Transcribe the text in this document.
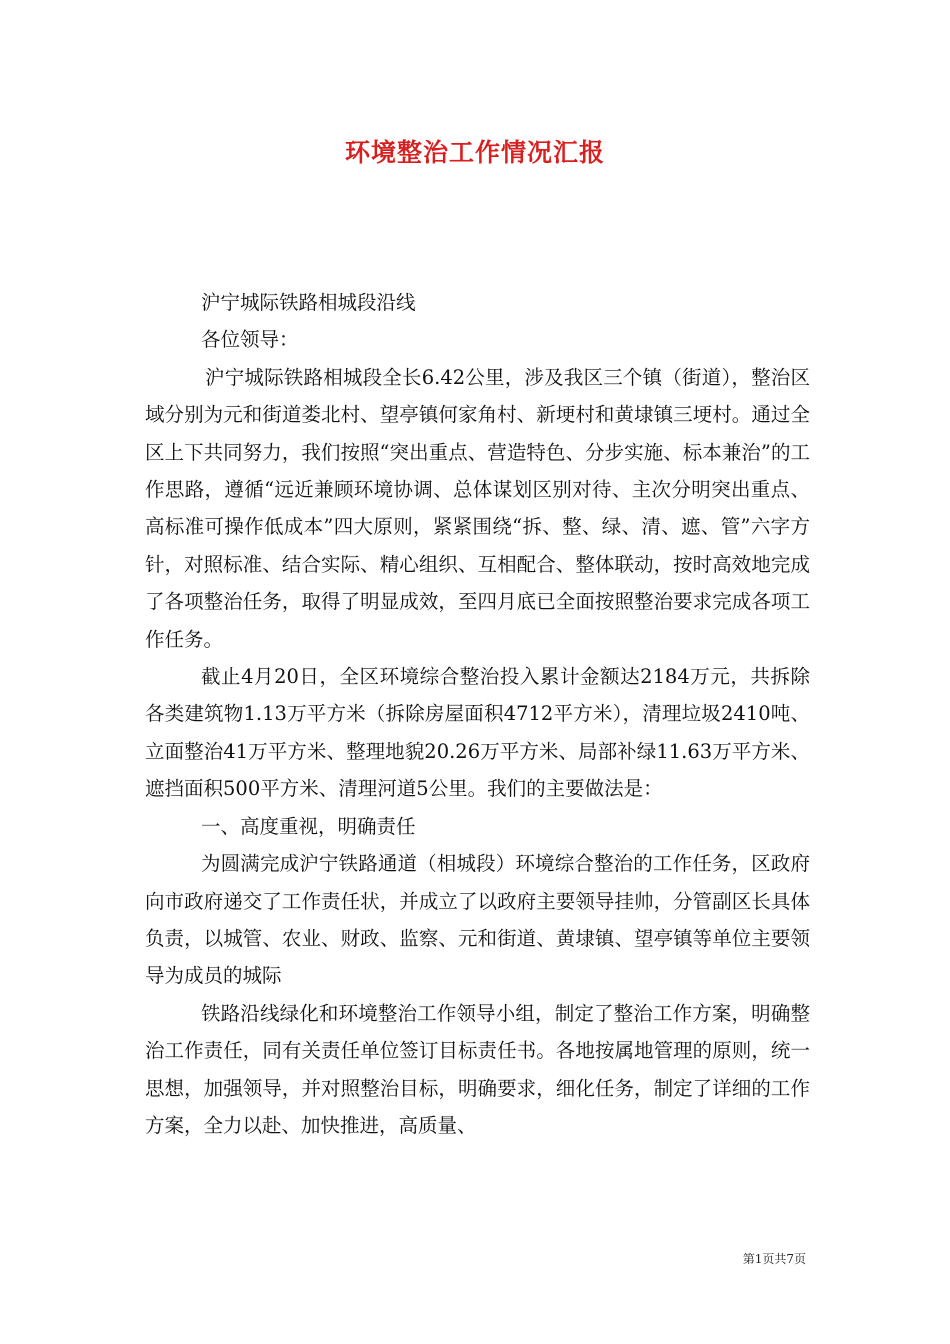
环境整治工作情况汇报

沪宁城际铁路相城段沿线

各位领导：

沪宁城际铁路相城段全长6.42公里，涉及我区三个镇（街道），整治区域分别为元和街道娄北村、望亭镇何家角村、新埂村和黄埭镇三埂村。通过全区上下共同努力，我们按照“突出重点、营造特色、分步实施、标本兼治”的工作思路，遵循“远近兼顾环境协调、总体谋划区别对待、主次分明突出重点、高标准可操作低成本”四大原则，紧紧围绕“拆、整、绿、清、遮、管”六字方针，对照标准、结合实际、精心组织、互相配合、整体联动，按时高效地完成了各项整治任务，取得了明显成效，至四月底已全面按照整治要求完成各项工作任务。

截止4月20日，全区环境综合整治投入累计金额达2184万元，共拆除各类建筑物1.13万平方米（拆除房屋面积4712平方米），清理垃圾2410吨、立面整治41万平方米、整理地貌20.26万平方米、局部补绿11.63万平方米、遮挡面积500平方米、清理河道5公里。我们的主要做法是：

一、高度重视，明确责任

为圆满完成沪宁铁路通道（相城段）环境综合整治的工作任务，区政府向市政府递交了工作责任状，并成立了以政府主要领导挂帅，分管副区长具体负责，以城管、农业、财政、监察、元和街道、黄埭镇、望亭镇等单位主要领导为成员的城际

铁路沿线绿化和环境整治工作领导小组，制定了整治工作方案，明确整治工作责任，同有关责任单位签订目标责任书。各地按属地管理的原则，统一思想，加强领导，并对照整治目标，明确要求，细化任务，制定了详细的工作方案，全力以赴、加快推进，高质量、

第1页共7页
